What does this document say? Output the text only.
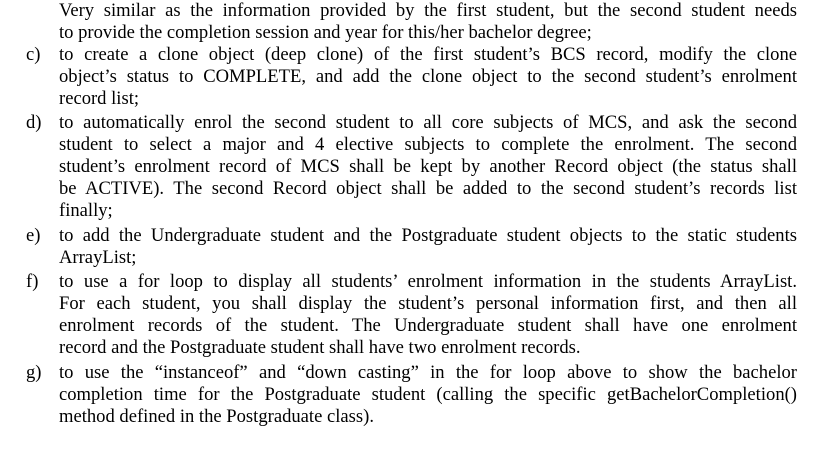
Very similar as the information provided by the first student, but the second student needs
to provide the completion session and year for this/her bachelor degree;
c) to create a clone object (deep clone) of the first student’s BCS record, modify the clone
object’s status to COMPLETE, and add the clone object to the second student’s enrolment
record list;
d) to automatically enrol the second student to all core subjects of MCS, and ask the second
student to select a major and 4 elective subjects to complete the enrolment. The second
student’s enrolment record of MCS shall be kept by another Record object (the status shall
be ACTIVE). The second Record object shall be added to the second student’s records list
finally;
e) to add the Undergraduate student and the Postgraduate student objects to the static students
ArrayList;
f) to use a for loop to display all students’ enrolment information in the students ArrayList.
For each student, you shall display the student’s personal information first, and then all
enrolment records of the student. The Undergraduate student shall have one enrolment
record and the Postgraduate student shall have two enrolment records.
g) to use the “instanceof” and “down casting” in the for loop above to show the bachelor
completion time for the Postgraduate student (calling the specific getBachelorCompletion()
method defined in the Postgraduate class).
